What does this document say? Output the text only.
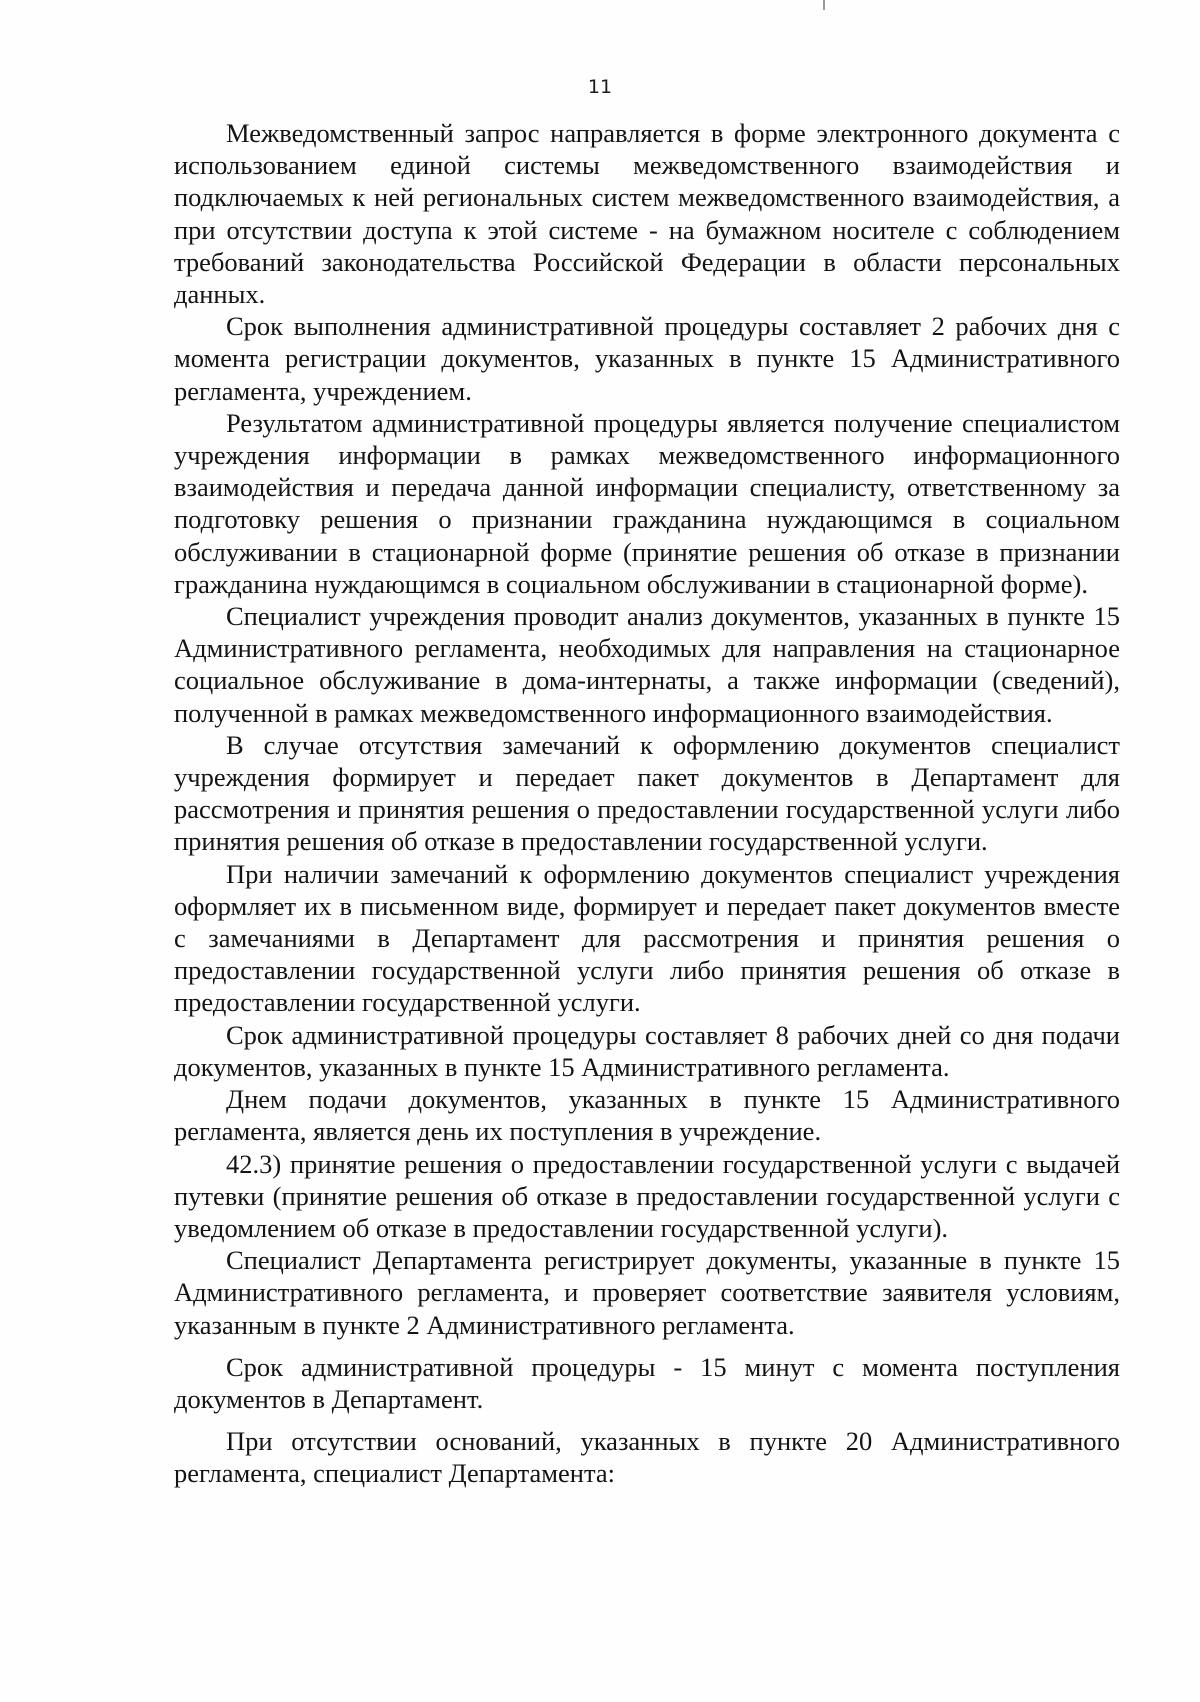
11

Межведомственный запрос направляется в форме электронного документа с использованием единой системы межведомственного взаимодействия и подключаемых к ней региональных систем межведомственного взаимодействия, а при отсутствии доступа к этой системе - на бумажном носителе с соблюдением требований законодательства Российской Федерации в области персональных данных.

Срок выполнения административной процедуры составляет 2 рабочих дня с момента регистрации документов, указанных в пункте 15 Административного регламента, учреждением.

Результатом административной процедуры является получение специалистом учреждения информации в рамках межведомственного информационного взаимодействия и передача данной информации специалисту, ответственному за подготовку решения о признании гражданина нуждающимся в социальном обслуживании в стационарной форме (принятие решения об отказе в признании гражданина нуждающимся в социальном обслуживании в стационарной форме).

Специалист учреждения проводит анализ документов, указанных в пункте 15 Административного регламента, необходимых для направления на стационарное социальное обслуживание в дома-интернаты, а также информации (сведений), полученной в рамках межведомственного информационного взаимодействия.

В случае отсутствия замечаний к оформлению документов специалист учреждения формирует и передает пакет документов в Департамент для рассмотрения и принятия решения о предоставлении государственной услуги либо принятия решения об отказе в предоставлении государственной услуги.

При наличии замечаний к оформлению документов специалист учреждения оформляет их в письменном виде, формирует и передает пакет документов вместе с замечаниями в Департамент для рассмотрения и принятия решения о предоставлении государственной услуги либо принятия решения об отказе в предоставлении государственной услуги.

Срок административной процедуры составляет 8 рабочих дней со дня подачи документов, указанных в пункте 15 Административного регламента.

Днем подачи документов, указанных в пункте 15 Административного регламента, является день их поступления в учреждение.

42.3) принятие решения о предоставлении государственной услуги с выдачей путевки (принятие решения об отказе в предоставлении государственной услуги с уведомлением об отказе в предоставлении государственной услуги).

Специалист Департамента регистрирует документы, указанные в пункте 15 Административного регламента, и проверяет соответствие заявителя условиям, указанным в пункте 2 Административного регламента.

Срок административной процедуры - 15 минут с момента поступления документов в Департамент.

При отсутствии оснований, указанных в пункте 20 Административного регламента, специалист Департамента:
